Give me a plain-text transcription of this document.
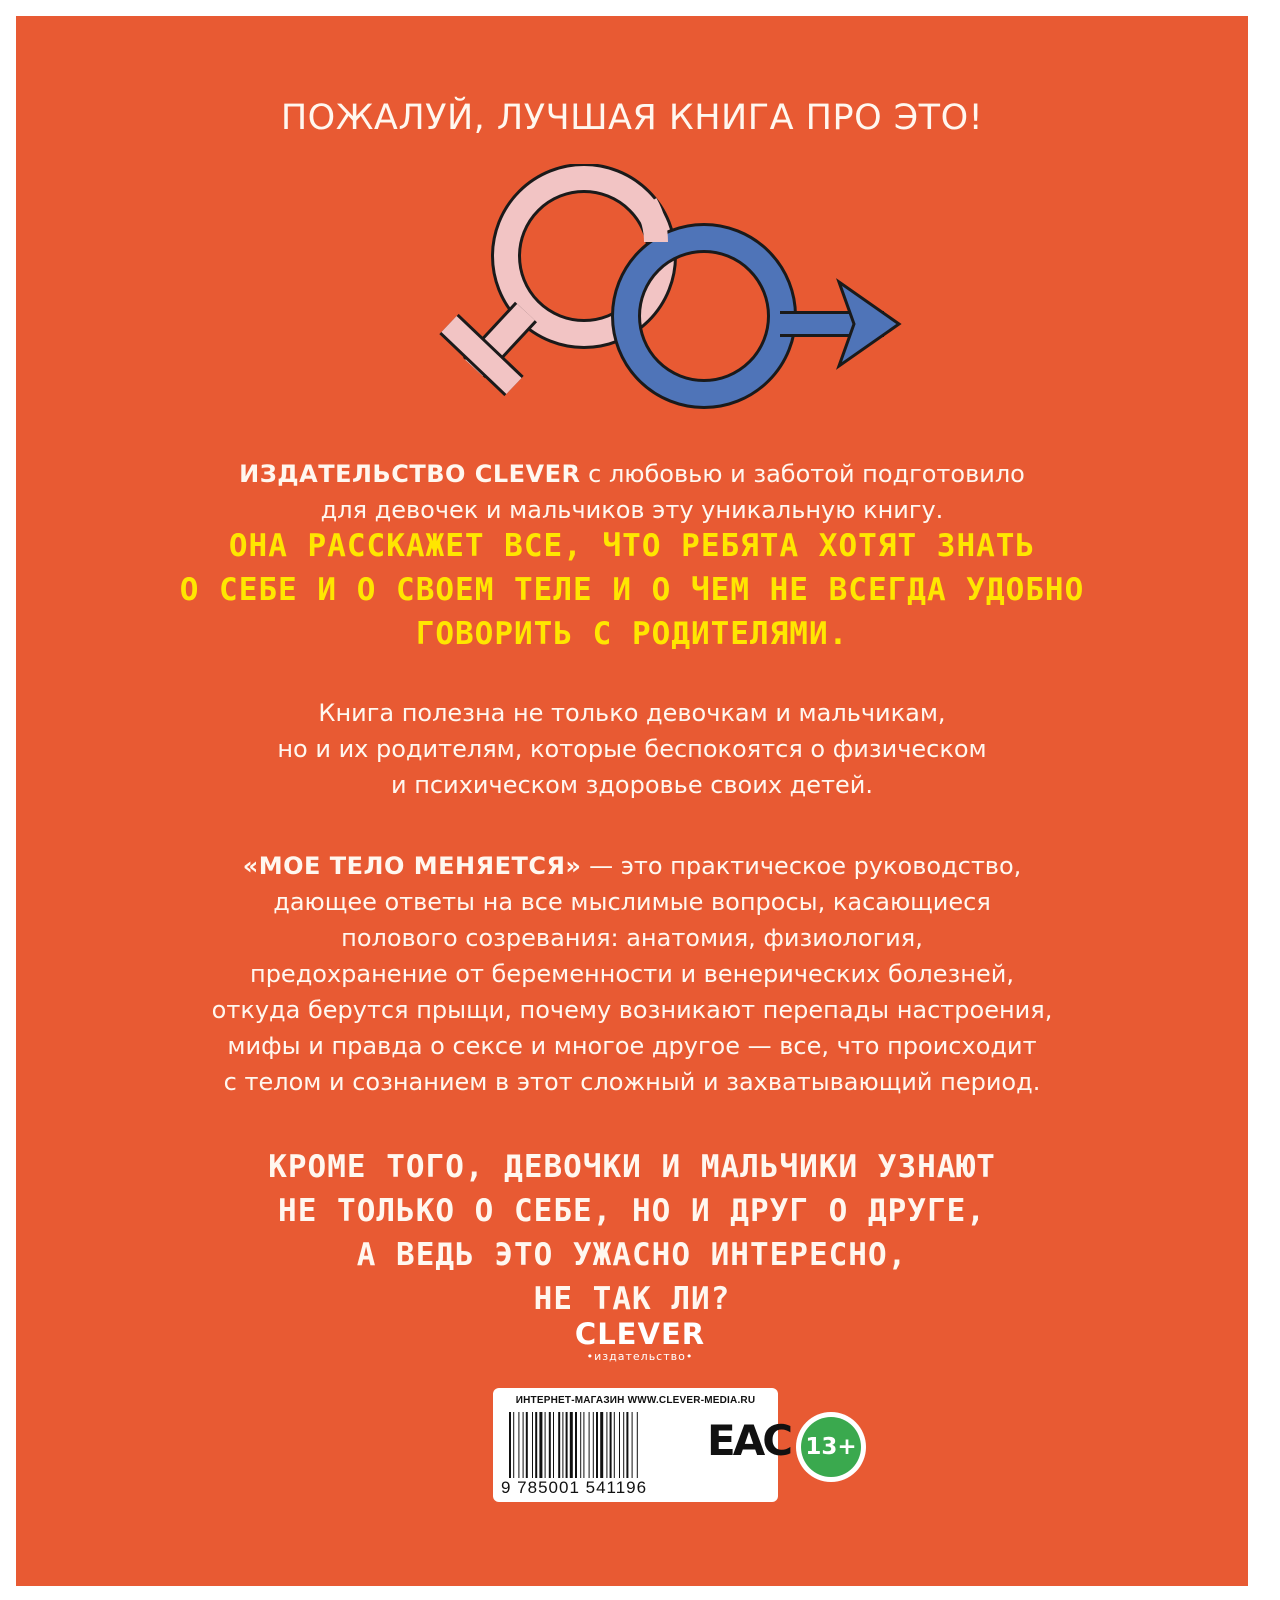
ПОЖАЛУЙ, ЛУЧШАЯ КНИГА ПРО ЭТО!
ИЗДАТЕЛЬСТВО CLEVER с любовью и заботой подготовило
для девочек и мальчиков эту уникальную книгу.
ОНА РАССКАЖЕТ ВСЕ, ЧТО РЕБЯТА ХОТЯТ ЗНАТЬ
О СЕБЕ И О СВОЕМ ТЕЛЕ И О ЧЕМ НЕ ВСЕГДА УДОБНО
ГОВОРИТЬ С РОДИТЕЛЯМИ.
Книга полезна не только девочкам и мальчикам,
но и их родителям, которые беспокоятся о физическом
и психическом здоровье своих детей.
«МОЕ ТЕЛО МЕНЯЕТСЯ» — это практическое руководство,
дающее ответы на все мыслимые вопросы, касающиеся
полового созревания: анатомия, физиология,
предохранение от беременности и венерических болезней,
откуда берутся прыщи, почему возникают перепады настроения,
мифы и правда о сексе и многое другое — все, что происходит
с телом и сознанием в этот сложный и захватывающий период.
КРОМЕ ТОГО, ДЕВОЧКИ И МАЛЬЧИКИ УЗНАЮТ
НЕ ТОЛЬКО О СЕБЕ, НО И ДРУГ О ДРУГЕ,
А ВЕДЬ ЭТО УЖАСНО ИНТЕРЕСНО,
НЕ ТАК ЛИ?
CLEVER
•издательство•
ИНТЕРНЕТ-МАГАЗИН WWW.CLEVER-MEDIA.RU
9 785001 541196
EAC 13+
